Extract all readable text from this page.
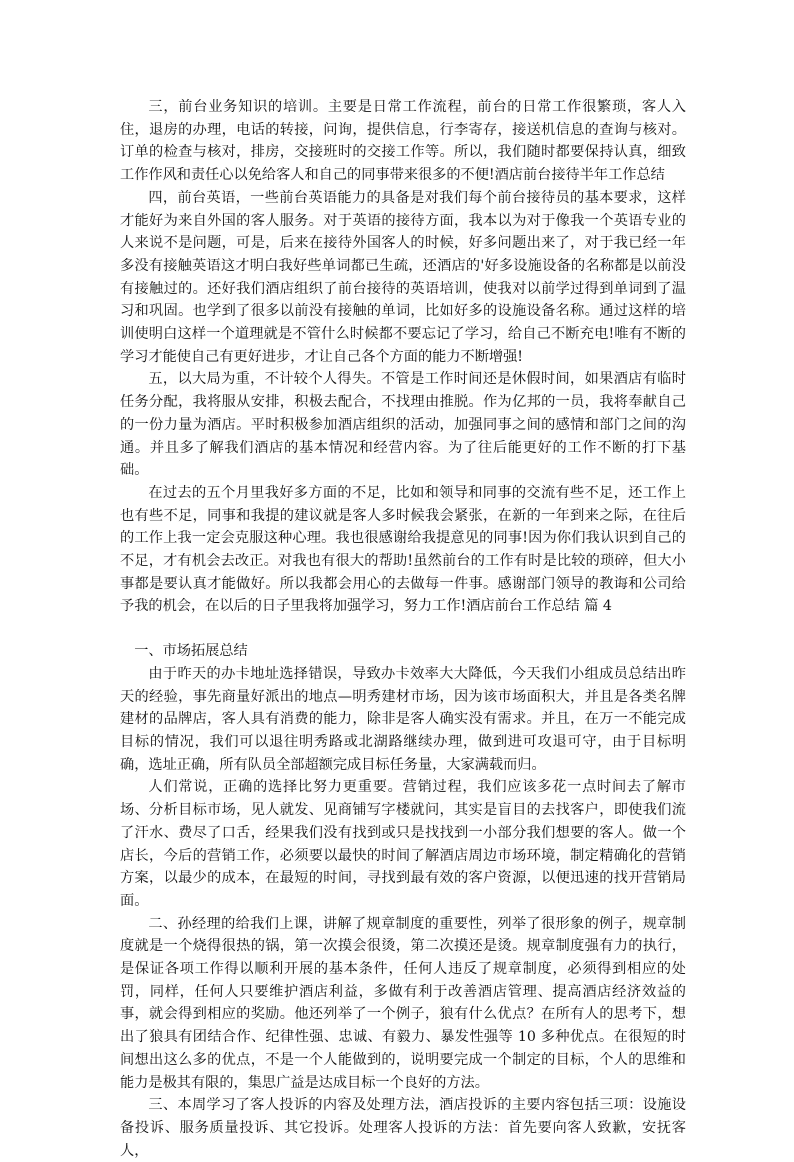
三，前台业务知识的培训。主要是日常工作流程，前台的日常工作很繁琐，客人入住，退房的办理，电话的转接，问询，提供信息，行李寄存，接送机信息的查询与核对。订单的检查与核对，排房，交接班时的交接工作等。所以，我们随时都要保持认真，细致工作作风和责任心以免给客人和自己的同事带来很多的不便!酒店前台接待半年工作总结

四，前台英语，一些前台英语能力的具备是对我们每个前台接待员的基本要求，这样才能好为来自外国的客人服务。对于英语的接待方面，我本以为对于像我一个英语专业的人来说不是问题，可是，后来在接待外国客人的时候，好多问题出来了，对于我已经一年多没有接触英语这才明白我好些单词都已生疏，还酒店的'好多设施设备的名称都是以前没有接触过的。还好我们酒店组织了前台接待的英语培训，使我对以前学过得到单词到了温习和巩固。也学到了很多以前没有接触的单词，比如好多的设施设备名称。通过这样的培训使明白这样一个道理就是不管什么时候都不要忘记了学习，给自己不断充电!唯有不断的学习才能使自己有更好进步，才让自己各个方面的能力不断增强!

五，以大局为重，不计较个人得失。不管是工作时间还是休假时间，如果酒店有临时任务分配，我将服从安排，积极去配合，不找理由推脱。作为亿邦的一员，我将奉献自己的一份力量为酒店。平时积极参加酒店组织的活动，加强同事之间的感情和部门之间的沟通。并且多了解我们酒店的基本情况和经营内容。为了往后能更好的工作不断的打下基础。

在过去的五个月里我好多方面的不足，比如和领导和同事的交流有些不足，还工作上也有些不足，同事和我提的建议就是客人多时候我会紧张，在新的一年到来之际，在往后的工作上我一定会克服这种心理。我也很感谢给我提意见的同事!因为你们我认识到自己的不足，才有机会去改正。对我也有很大的帮助!虽然前台的工作有时是比较的琐碎，但大小事都是要认真才能做好。所以我都会用心的去做每一件事。感谢部门领导的教诲和公司给予我的机会，在以后的日子里我将加强学习，努力工作!酒店前台工作总结 篇 4

一、市场拓展总结

由于昨天的办卡地址选择错误，导致办卡效率大大降低，今天我们小组成员总结出昨天的经验，事先商量好派出的地点—明秀建材市场，因为该市场面积大，并且是各类名牌建材的品牌店，客人具有消费的能力，除非是客人确实没有需求。并且，在万一不能完成目标的情况，我们可以退往明秀路或北湖路继续办理，做到进可攻退可守，由于目标明确，选址正确，所有队员全部超额完成目标任务量，大家满载而归。

人们常说，正确的选择比努力更重要。营销过程，我们应该多花一点时间去了解市场、分析目标市场，见人就发、见商铺写字楼就问，其实是盲目的去找客户，即使我们流了汗水、费尽了口舌，经果我们没有找到或只是找找到一小部分我们想要的客人。做一个店长，今后的营销工作，必须要以最快的时间了解酒店周边市场环境，制定精确化的营销方案，以最少的成本，在最短的时间，寻找到最有效的客户资源，以便迅速的找开营销局面。

二、孙经理的给我们上课，讲解了规章制度的重要性，列举了很形象的例子，规章制度就是一个烧得很热的锅，第一次摸会很烫，第二次摸还是烫。规章制度强有力的执行，是保证各项工作得以顺利开展的基本条件，任何人违反了规章制度，必须得到相应的处罚，同样，任何人只要维护酒店利益，多做有利于改善酒店管理、提高酒店经济效益的事，就会得到相应的奖励。他还列举了一个例子，狼有什么优点？在所有人的思考下，想出了狼具有团结合作、纪律性强、忠诚、有毅力、暴发性强等 10 多种优点。在很短的时间想出这么多的优点，不是一个人能做到的，说明要完成一个制定的目标，个人的思维和能力是极其有限的，集思广益是达成目标一个良好的方法。

三、本周学习了客人投诉的内容及处理方法，酒店投诉的主要内容包括三项：设施设备投诉、服务质量投诉、其它投诉。处理客人投诉的方法：首先要向客人致歉，安抚客人，
